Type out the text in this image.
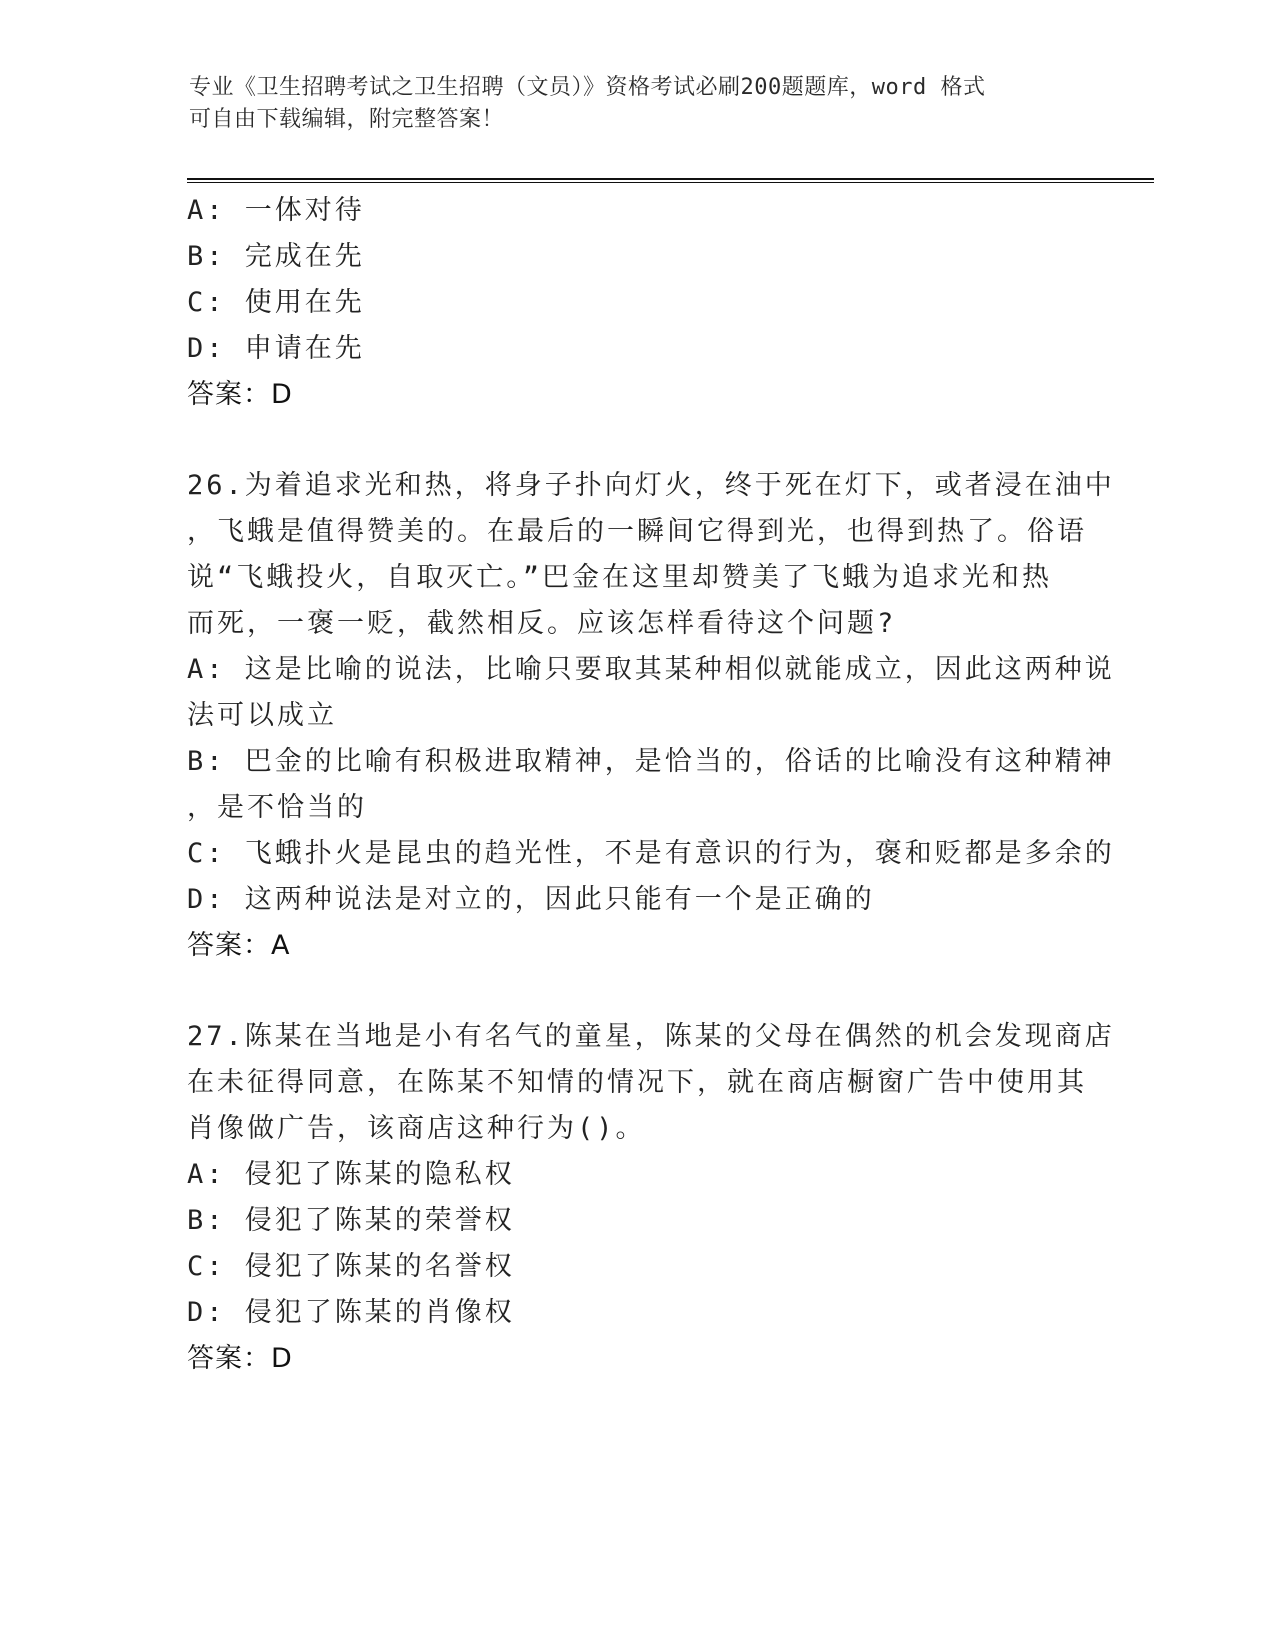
专业《卫生招聘考试之卫生招聘（文员）》资格考试必刷200题题库，word 格式
可自由下载编辑，附完整答案！
A: 一体对待
B: 完成在先
C: 使用在先
D: 申请在先
答案：D
26.为着追求光和热，将身子扑向灯火，终于死在灯下，或者浸在油中
，飞蛾是值得赞美的。在最后的一瞬间它得到光，也得到热了。俗语
说“飞蛾投火，自取灭亡。”巴金在这里却赞美了飞蛾为追求光和热
而死，一褒一贬，截然相反。应该怎样看待这个问题?
A: 这是比喻的说法，比喻只要取其某种相似就能成立，因此这两种说
法可以成立
B: 巴金的比喻有积极进取精神，是恰当的，俗话的比喻没有这种精神
，是不恰当的
C: 飞蛾扑火是昆虫的趋光性，不是有意识的行为，褒和贬都是多余的
D: 这两种说法是对立的，因此只能有一个是正确的
答案：A
27.陈某在当地是小有名气的童星，陈某的父母在偶然的机会发现商店
在未征得同意，在陈某不知情的情况下，就在商店橱窗广告中使用其
肖像做广告，该商店这种行为()。
A: 侵犯了陈某的隐私权
B: 侵犯了陈某的荣誉权
C: 侵犯了陈某的名誉权
D: 侵犯了陈某的肖像权
答案：D
